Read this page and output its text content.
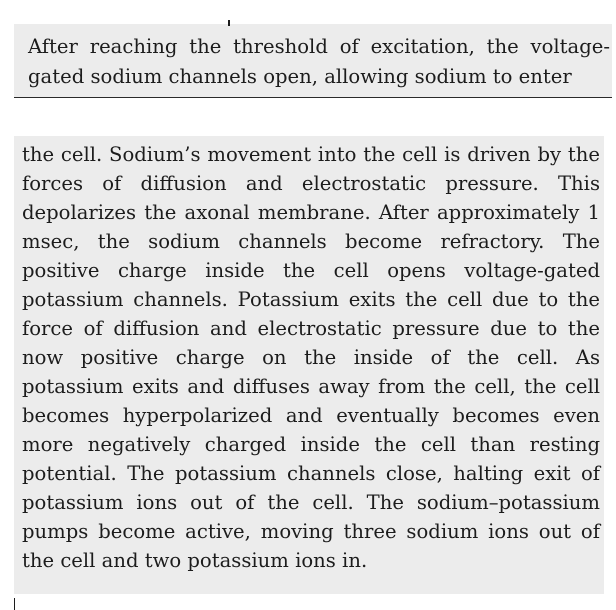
After reaching the threshold of excitation, the voltage-gated sodium channels open, allowing sodium to enter

the cell. Sodium’s movement into the cell is driven by the forces of diffusion and electrostatic pressure. This depolarizes the axonal membrane. After approximately 1 msec, the sodium channels become refractory. The positive charge inside the cell opens voltage-gated potassium channels. Potassium exits the cell due to the force of diffusion and electrostatic pressure due to the now positive charge on the inside of the cell. As potassium exits and diffuses away from the cell, the cell becomes hyperpolarized and eventually becomes even more negatively charged inside the cell than resting potential. The potassium channels close, halting exit of potassium ions out of the cell. The sodium–potassium pumps become active, moving three sodium ions out of the cell and two potassium ions in.
